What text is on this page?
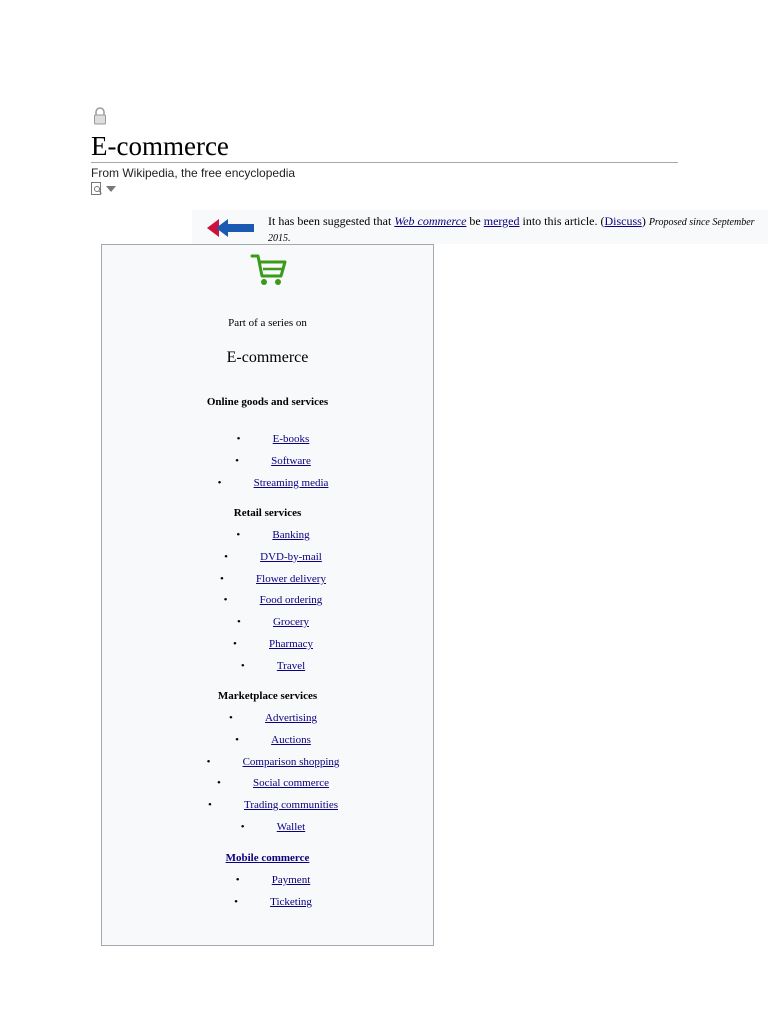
E-commerce
From Wikipedia, the free encyclopedia
It has been suggested that Web commerce be merged into this article. (Discuss) Proposed since September 2015.
Part of a series on
E-commerce
Online goods and services
E-books
•
Software
•
Streaming media
•
Retail services
Banking
•
DVD-by-mail
•
Flower delivery
•
Food ordering
•
Grocery
•
Pharmacy
•
Travel
•
Marketplace services
Advertising
•
Auctions
•
Comparison shopping
•
Social commerce
•
Trading communities
•
Wallet
•
Mobile commerce
Payment
•
Ticketing
•
